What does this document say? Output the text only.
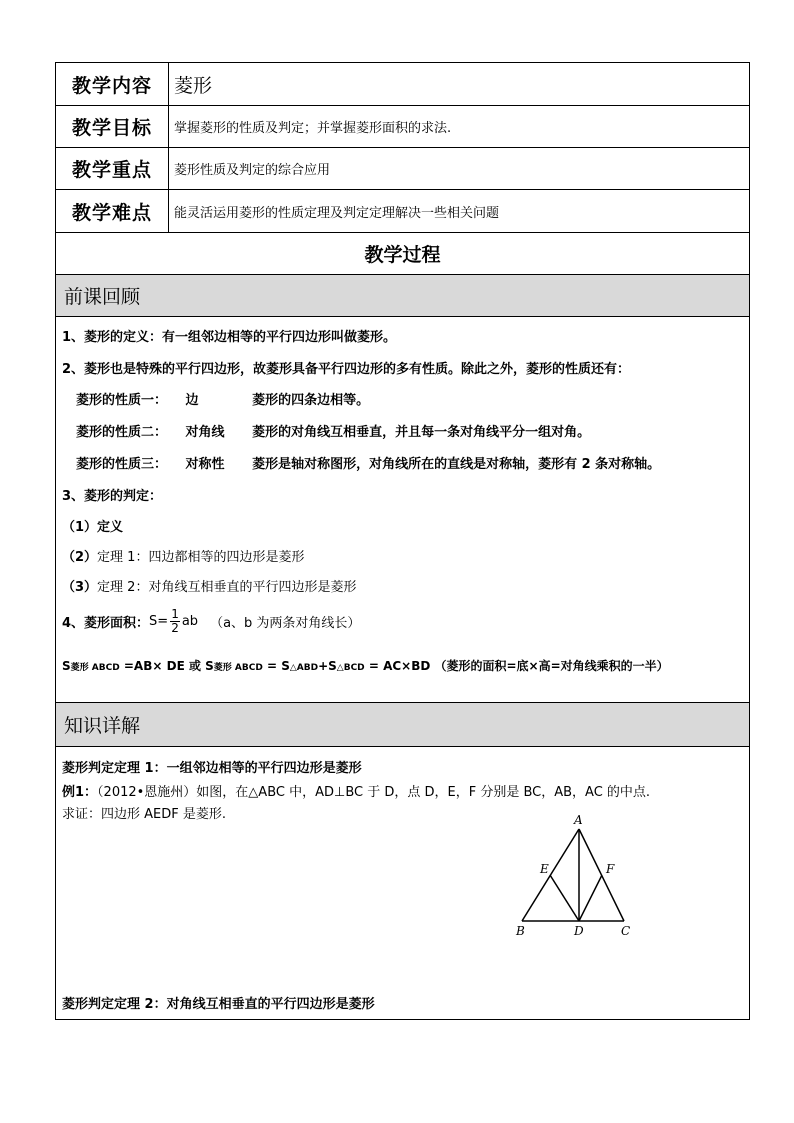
教学内容	菱形
教学目标	掌握菱形的性质及判定；并掌握菱形面积的求法.
教学重点	菱形性质及判定的综合应用
教学难点	能灵活运用菱形的性质定理及判定定理解决一些相关问题
教学过程
前课回顾
1、菱形的定义：有一组邻边相等的平行四边形叫做菱形。
2、菱形也是特殊的平行四边形，故菱形具备平行四边形的多有性质。除此之外，菱形的性质还有：
菱形的性质一： 边	菱形的四条边相等。
菱形的性质二： 对角线 菱形的对角线互相垂直，并且每一条对角线平分一组对角。
菱形的性质三： 对称性 菱形是轴对称图形，对角线所在的直线是对称轴，菱形有 2 条对称轴。
3、菱形的判定：
（1）定义
（2）定理 1：四边都相等的四边形是菱形
（3）定理 2：对角线互相垂直的平行四边形是菱形
4、菱形面积： $S= \frac{1}{2}$ ab （a、b 为两条对角线长）
S菱形 ABCD =AB× DE 或 S菱形 ABCD = S△ABD+S△BCD = AC×BD （菱形的面积=底×高=对角线乘积的一半）
知识详解
菱形判定定理 1：一组邻边相等的平行四边形是菱形
例1：（2012•恩施州）如图，在△ABC 中，AD⊥BC 于 D，点 D，E，F 分别是 BC，AB，AC 的中点.
求证：四边形 AEDF 是菱形.	A
B	C
D
E	F
菱形判定定理 2：对角线互相垂直的平行四边形是菱形
